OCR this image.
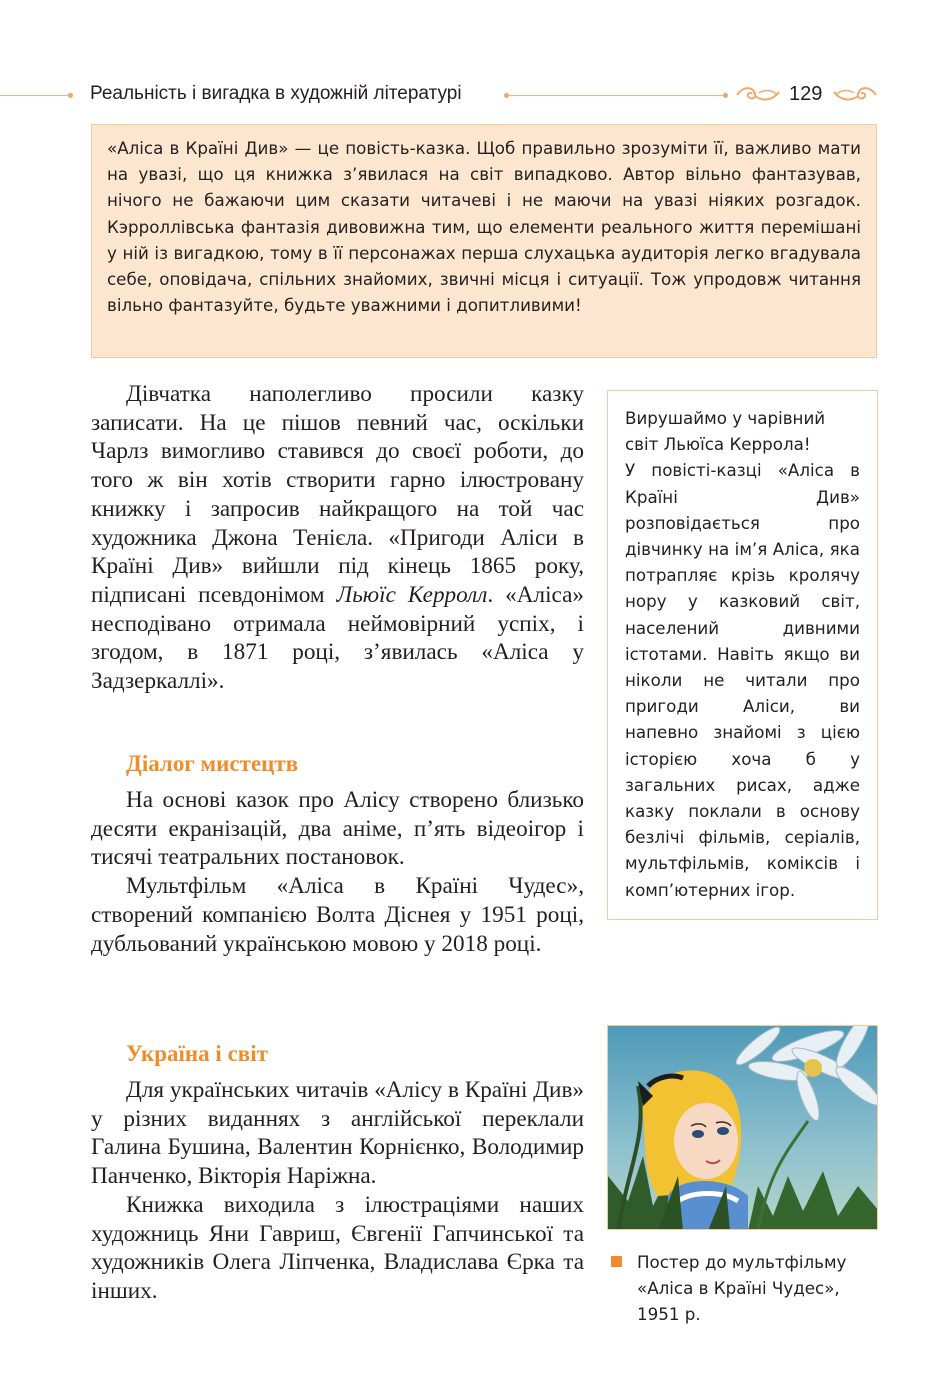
Реальність і вигадка в художній літературі	129
«Аліса в Країні Див» — це повість-казка. Щоб правильно зрозуміти її, важливо мати на увазі, що ця книжка з’явилася на світ випадково. Автор вільно фантазував, нічого не бажаючи цим сказати читачеві і не маючи на увазі ніяких розгадок. Кэрроллівська фантазія дивовижна тим, що елементи реального життя перемішані у ній із вигадкою, тому в її персонажах перша слухацька аудиторія легко вгадувала себе, оповідача, спільних знайомих, звичні місця і ситуації. Тож упродовж читання вільно фантазуйте, будьте уважними і допитливими!

Дівчатка наполегливо просили казку записати. На це пішов певний час, оскільки Чарлз вимогливо ставився до своєї роботи, до того ж він хотів створити гарно ілюстровану книжку і запросив найкращого на той час художника Джона Тенієла. «Пригоди Аліси в Країні Див» вийшли під кінець 1865 року, підписані псевдонімом Льюїс Керролл. «Аліса» несподівано отримала неймовірний успіх, і згодом, в 1871 році, з’явилась «Аліса у Задзеркаллі».

Діалог мистецтв

На основі казок про Алісу створено близько десяти екранізацій, два аніме, п’ять відеоігор і тисячі театральних постановок.

Мультфільм «Аліса в Країні Чудес», створений компанією Волта Діснея у 1951 році, дубльований українською мовою у 2018 році.

Україна і світ

Для українських читачів «Алісу в Країні Див» у різних виданнях з англійської переклали Галина Бушина, Валентин Корнієнко, Володимир Панченко, Вікторія Наріжна.

Книжка виходила з ілюстраціями наших художниць Яни Гавриш, Євгенії Гапчинської та художників Олега Ліпченка, Владислава Єрка та інших.

Вирушаймо у чарівний світ Льюїса Керрола!

У повісті-казці «Аліса в Країні Див» розповідається про дівчинку на ім’я Аліса, яка потрапляє крізь кролячу нору у казковий світ, населений дивними істотами. Навіть якщо ви ніколи не читали про пригоди Аліси, ви напевно знайомі з цією історією хоча б у загальних рисах, адже казку поклали в основу безлічі фільмів, серіалів, мультфільмів, коміксів і комп’ютерних ігор.

Постер до мультфільму «Аліса в Країні Чудес», 1951 р.
